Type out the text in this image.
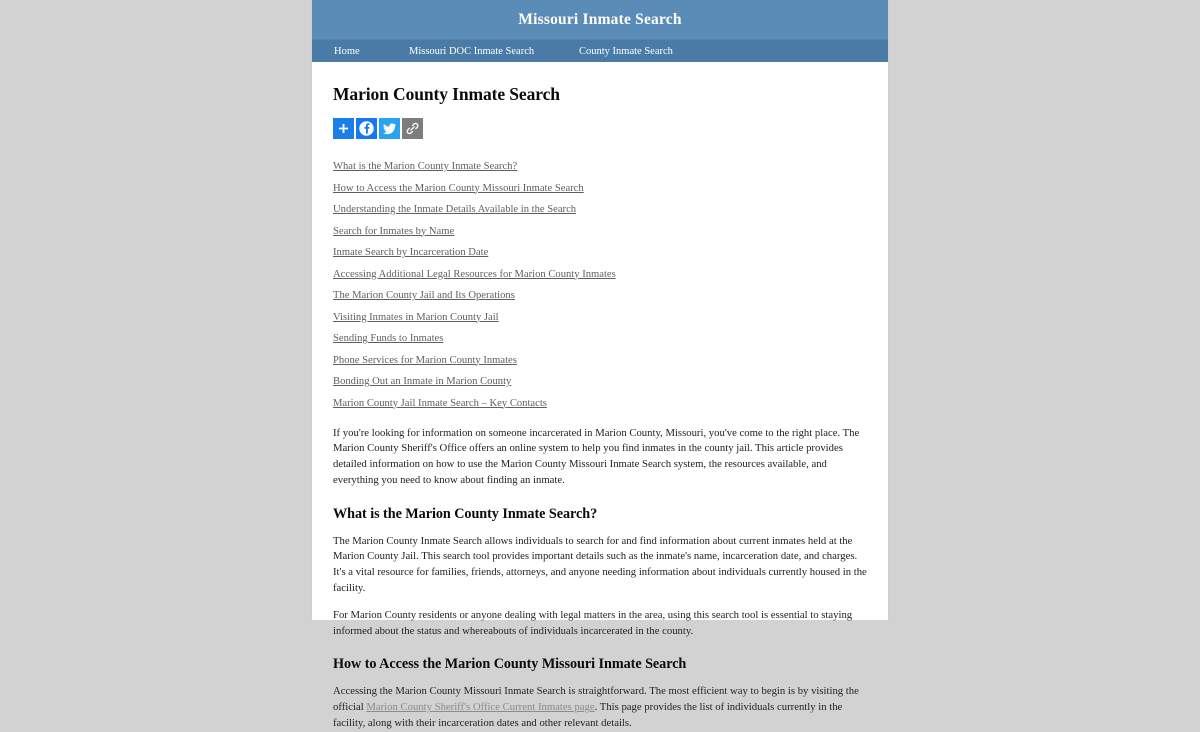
Missouri Inmate Search
Home	Missouri DOC Inmate Search	County Inmate Search
Marion County Inmate Search
What is the Marion County Inmate Search?
How to Access the Marion County Missouri Inmate Search
Understanding the Inmate Details Available in the Search
Search for Inmates by Name
Inmate Search by Incarceration Date
Accessing Additional Legal Resources for Marion County Inmates
The Marion County Jail and Its Operations
Visiting Inmates in Marion County Jail
Sending Funds to Inmates
Phone Services for Marion County Inmates
Bonding Out an Inmate in Marion County
Marion County Jail Inmate Search – Key Contacts

If you're looking for information on someone incarcerated in Marion County, Missouri, you've come to the right place. The Marion County Sheriff's Office offers an online system to help you find inmates in the county jail. This article provides detailed information on how to use the Marion County Missouri Inmate Search system, the resources available, and everything you need to know about finding an inmate.

What is the Marion County Inmate Search?

The Marion County Inmate Search allows individuals to search for and find information about current inmates held at the Marion County Jail. This search tool provides important details such as the inmate's name, incarceration date, and charges. It's a vital resource for families, friends, attorneys, and anyone needing information about individuals currently housed in the facility.

For Marion County residents or anyone dealing with legal matters in the area, using this search tool is essential to staying informed about the status and whereabouts of individuals incarcerated in the county.

How to Access the Marion County Missouri Inmate Search

Accessing the Marion County Missouri Inmate Search is straightforward. The most efficient way to begin is by visiting the official Marion County Sheriff's Office Current Inmates page. This page provides the list of individuals currently in the facility, along with their incarceration dates and other relevant details.
